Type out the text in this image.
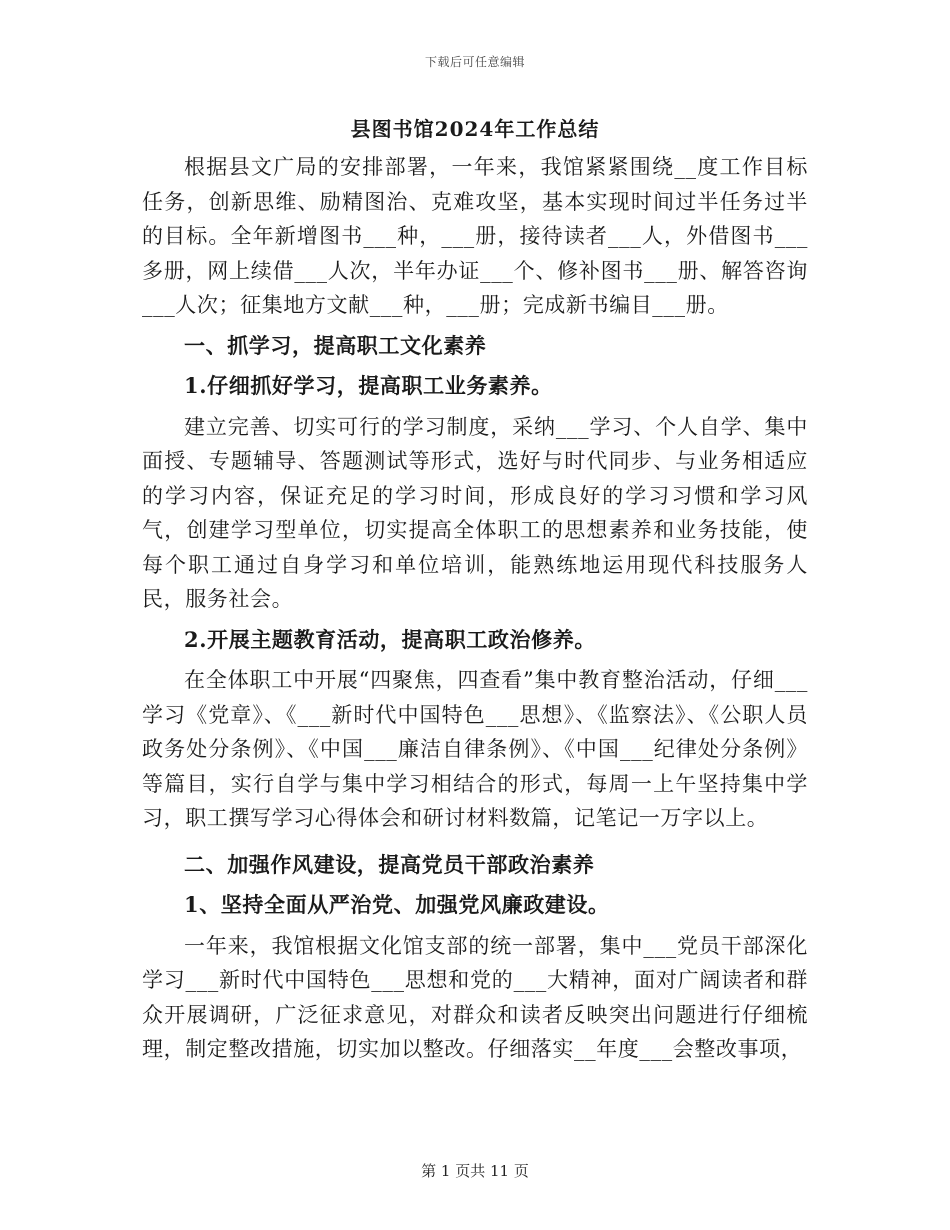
下载后可任意编辑
县图书馆2024年工作总结

根据县文广局的安排部署，一年来，我馆紧紧围绕__度工作目标任务，创新思维、励精图治、克难攻坚，基本实现时间过半任务过半的目标。全年新增图书___种，___册，接待读者___人，外借图书___多册，网上续借___人次，半年办证___个、修补图书___册、解答咨询___人次；征集地方文献___种，___册；完成新书编目___册。

一、抓学习，提高职工文化素养

1.仔细抓好学习，提高职工业务素养。

建立完善、切实可行的学习制度，采纳___学习、个人自学、集中面授、专题辅导、答题测试等形式，选好与时代同步、与业务相适应的学习内容，保证充足的学习时间，形成良好的学习习惯和学习风气，创建学习型单位，切实提高全体职工的思想素养和业务技能，使每个职工通过自身学习和单位培训，能熟练地运用现代科技服务人民，服务社会。

2.开展主题教育活动，提高职工政治修养。

在全体职工中开展“四聚焦，四查看”集中教育整治活动，仔细___学习《党章》、《___新时代中国特色___思想》、《监察法》、《公职人员政务处分条例》、《中国___廉洁自律条例》、《中国___纪律处分条例》等篇目，实行自学与集中学习相结合的形式，每周一上午坚持集中学习，职工撰写学习心得体会和研讨材料数篇，记笔记一万字以上。

二、加强作风建设，提高党员干部政治素养

1、坚持全面从严治党、加强党风廉政建设。

一年来，我馆根据文化馆支部的统一部署，集中___党员干部深化学习___新时代中国特色___思想和党的___大精神，面对广阔读者和群众开展调研，广泛征求意见，对群众和读者反映突出问题进行仔细梳理，制定整改措施，切实加以整改。仔细落实__年度___会整改事项，

第 1 页共 11 页
